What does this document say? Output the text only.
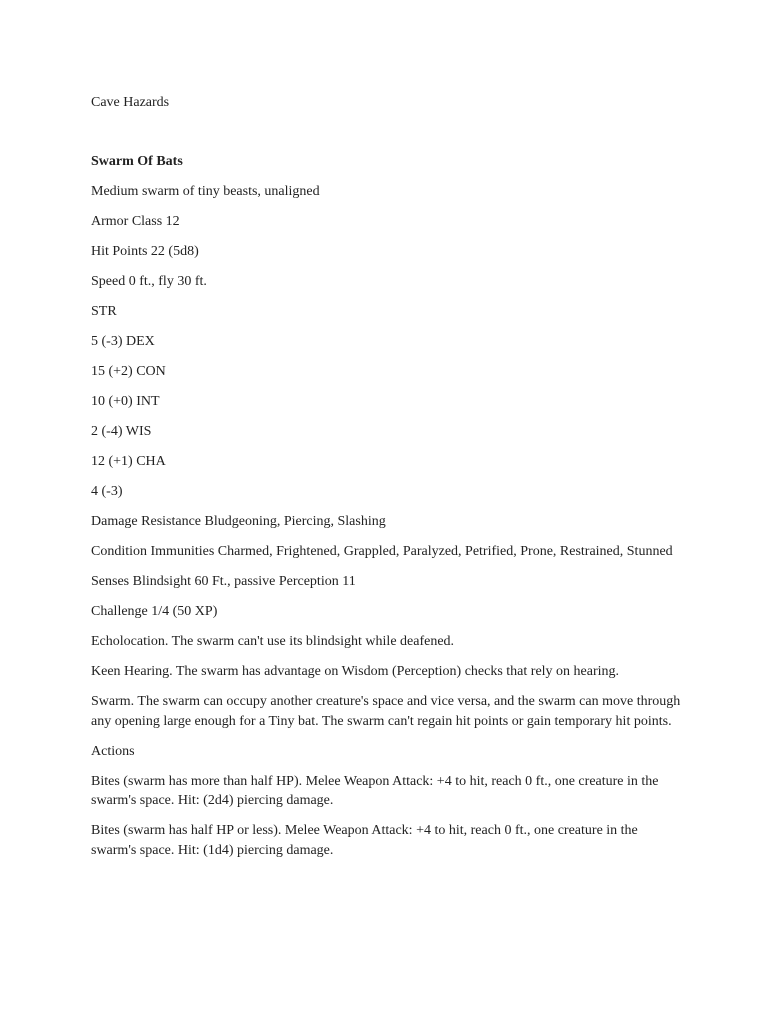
Cave Hazards
Swarm Of Bats

Medium swarm of tiny beasts, unaligned

Armor Class 12

Hit Points 22 (5d8)

Speed 0 ft., fly 30 ft.

STR

5 (-3) DEX

15 (+2) CON

10 (+0) INT

2 (-4) WIS

12 (+1) CHA

4 (-3)

Damage Resistance Bludgeoning, Piercing, Slashing

Condition Immunities Charmed, Frightened, Grappled, Paralyzed, Petrified, Prone, Restrained, Stunned

Senses Blindsight 60 Ft., passive Perception 11

Challenge 1/4 (50 XP)

Echolocation. The swarm can't use its blindsight while deafened.

Keen Hearing. The swarm has advantage on Wisdom (Perception) checks that rely on hearing.

Swarm. The swarm can occupy another creature's space and vice versa, and the swarm can move through any opening large enough for a Tiny bat. The swarm can't regain hit points or gain temporary hit points.

Actions

Bites (swarm has more than half HP). Melee Weapon Attack: +4 to hit, reach 0 ft., one creature in the swarm's space. Hit: (2d4) piercing damage.

Bites (swarm has half HP or less). Melee Weapon Attack: +4 to hit, reach 0 ft., one creature in the swarm's space. Hit: (1d4) piercing damage.
